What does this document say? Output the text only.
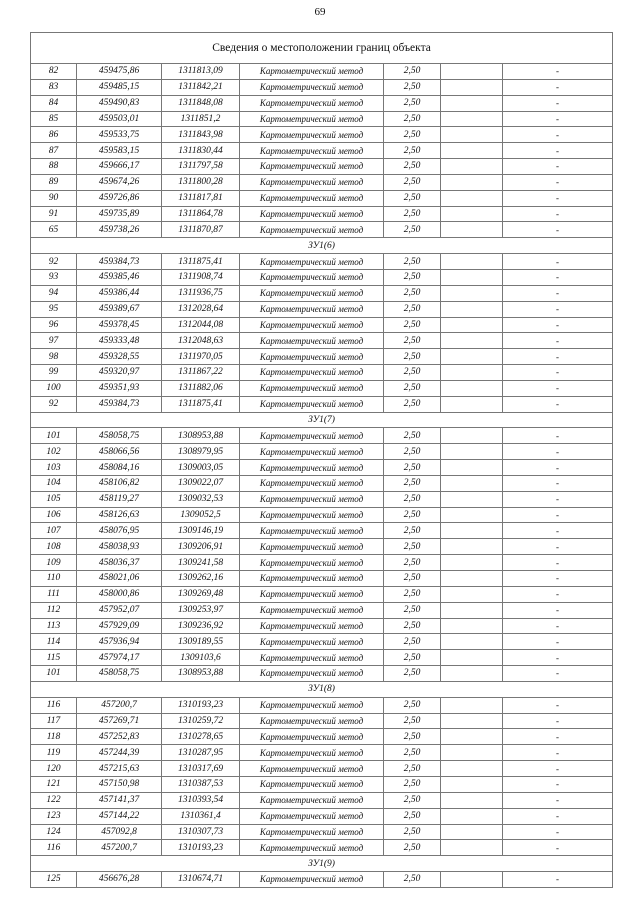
69
Сведения о местоположении границ объекта						
82	459475,86	1311813,09	Картометрический метод	2,50		-
83	459485,15	1311842,21	Картометрический метод	2,50		-
84	459490,83	1311848,08	Картометрический метод	2,50		-
85	459503,01	1311851,2	Картометрический метод	2,50		-
86	459533,75	1311843,98	Картометрический метод	2,50		-
87	459583,15	1311830,44	Картометрический метод	2,50		-
88	459666,17	1311797,58	Картометрический метод	2,50		-
89	459674,26	1311800,28	Картометрический метод	2,50		-
90	459726,86	1311817,81	Картометрический метод	2,50		-
91	459735,89	1311864,78	Картометрический метод	2,50		-
65	459738,26	1311870,87	Картометрический метод	2,50		-
ЗУ1(6)						
92	459384,73	1311875,41	Картометрический метод	2,50		-
93	459385,46	1311908,74	Картометрический метод	2,50		-
94	459386,44	1311936,75	Картометрический метод	2,50		-
95	459389,67	1312028,64	Картометрический метод	2,50		-
96	459378,45	1312044,08	Картометрический метод	2,50		-
97	459333,48	1312048,63	Картометрический метод	2,50		-
98	459328,55	1311970,05	Картометрический метод	2,50		-
99	459320,97	1311867,22	Картометрический метод	2,50		-
100	459351,93	1311882,06	Картометрический метод	2,50		-
92	459384,73	1311875,41	Картометрический метод	2,50		-
ЗУ1(7)						
101	458058,75	1308953,88	Картометрический метод	2,50		-
102	458066,56	1308979,95	Картометрический метод	2,50		-
103	458084,16	1309003,05	Картометрический метод	2,50		-
104	458106,82	1309022,07	Картометрический метод	2,50		-
105	458119,27	1309032,53	Картометрический метод	2,50		-
106	458126,63	1309052,5	Картометрический метод	2,50		-
107	458076,95	1309146,19	Картометрический метод	2,50		-
108	458038,93	1309206,91	Картометрический метод	2,50		-
109	458036,37	1309241,58	Картометрический метод	2,50		-
110	458021,06	1309262,16	Картометрический метод	2,50		-
111	458000,86	1309269,48	Картометрический метод	2,50		-
112	457952,07	1309253,97	Картометрический метод	2,50		-
113	457929,09	1309236,92	Картометрический метод	2,50		-
114	457936,94	1309189,55	Картометрический метод	2,50		-
115	457974,17	1309103,6	Картометрический метод	2,50		-
101	458058,75	1308953,88	Картометрический метод	2,50		-
ЗУ1(8)						
116	457200,7	1310193,23	Картометрический метод	2,50		-
117	457269,71	1310259,72	Картометрический метод	2,50		-
118	457252,83	1310278,65	Картометрический метод	2,50		-
119	457244,39	1310287,95	Картометрический метод	2,50		-
120	457215,63	1310317,69	Картометрический метод	2,50		-
121	457150,98	1310387,53	Картометрический метод	2,50		-
122	457141,37	1310393,54	Картометрический метод	2,50		-
123	457144,22	1310361,4	Картометрический метод	2,50		-
124	457092,8	1310307,73	Картометрический метод	2,50		-
116	457200,7	1310193,23	Картометрический метод	2,50		-
ЗУ1(9)						
125	456676,28	1310674,71	Картометрический метод	2,50		-
